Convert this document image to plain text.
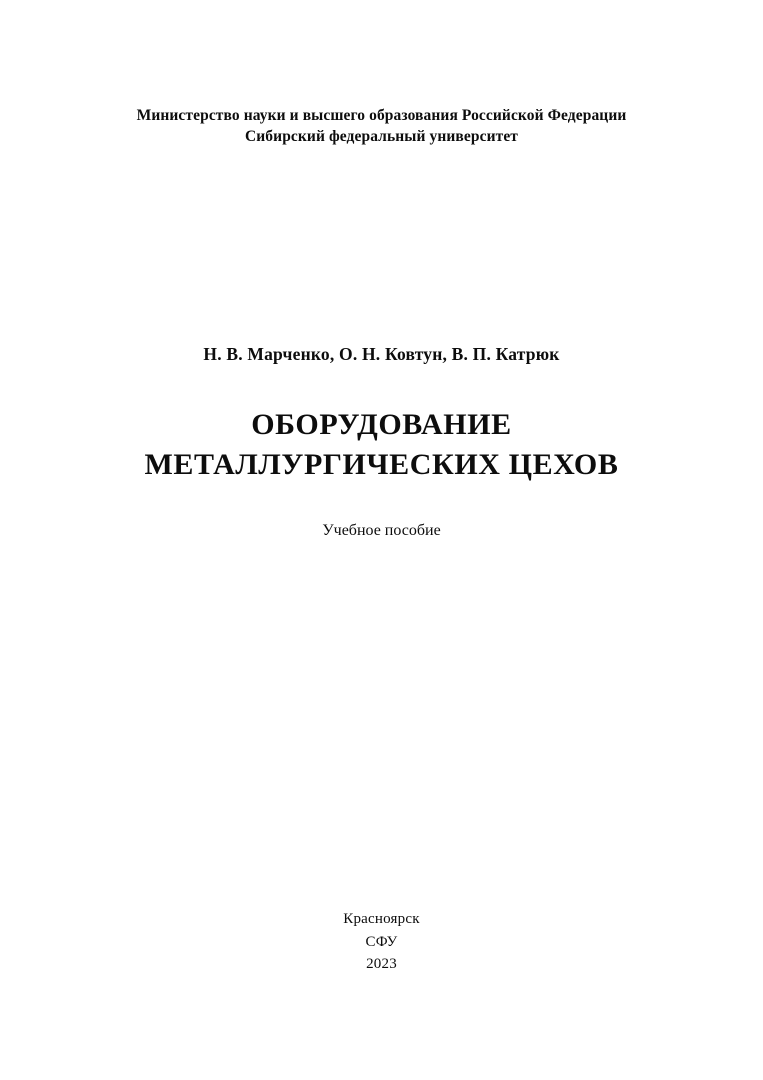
Министерство науки и высшего образования Российской Федерации
Сибирский федеральный университет
Н. В. Марченко, О. Н. Ковтун, В. П. Катрюк
ОБОРУДОВАНИЕ
МЕТАЛЛУРГИЧЕСКИХ ЦЕХОВ
Учебное пособие
Красноярск
СФУ
2023
